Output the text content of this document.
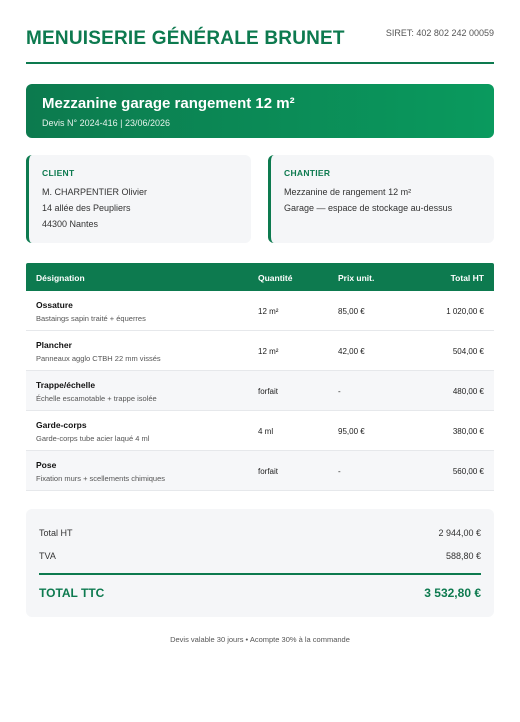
MENUISERIE GÉNÉRALE BRUNET	SIRET: 402 802 242 00059
Mezzanine garage rangement 12 m²
Devis N° 2024-416 | 23/06/2026
CLIENT
M. CHARPENTIER Olivier
14 allée des Peupliers
44300 Nantes
CHANTIER
Mezzanine de rangement 12 m²
Garage — espace de stockage au-dessus
Désignation	Quantité	Prix unit.	Total HT
Ossature
Bastaings sapin traité + équerres
12 m²	85,00 €	1 020,00 €
Plancher
Panneaux agglo CTBH 22 mm vissés
12 m²	42,00 €	504,00 €
Trappe/échelle
Échelle escamotable + trappe isolée
forfait	-	480,00 €
Garde-corps
Garde-corps tube acier laqué 4 ml
4 ml	95,00 €	380,00 €
Pose
Fixation murs + scellements chimiques
forfait	-	560,00 €
Total HT	2 944,00 €
TVA	588,80 €
TOTAL TTC	3 532,80 €
Devis valable 30 jours • Acompte 30% à la commande
